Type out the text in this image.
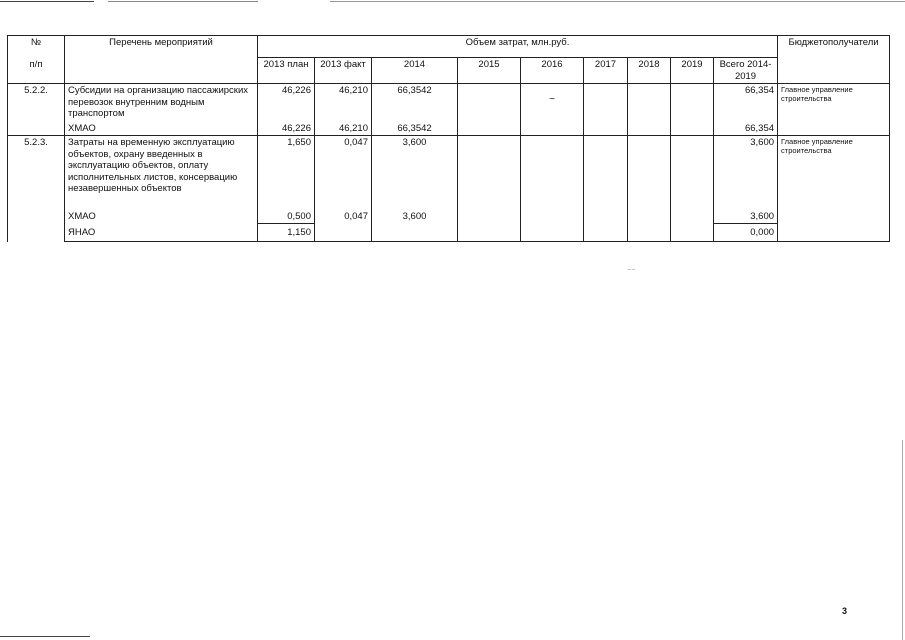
№
п/п	Перечень мероприятий	Объем затрат, млн.руб.									Бюджетополучатели
		2013 план	2013 факт	2014	2015	2016	2017	2018	2019	Всего 2014-2019	
5.2.2.	Субсидии на организацию пассажирских перевозок внутренним водным транспортом	46,226	46,210	66,3542		~				66,354	Главное управление строительства
	ХМАО	46,226	46,210	66,3542						66,354	
5.2.3.	Затраты на временную эксплуатацию объектов, охрану введенных в эксплуатацию объектов, оплату исполнительных листов, консервацию незавершенных объектов	1,650	0,047	3,600						3,600	Главное управление строительства
	ХМАО	0,500	0,047	3,600						3,600	
	ЯНАО	1,150								0,000	
⁻⁻
3
